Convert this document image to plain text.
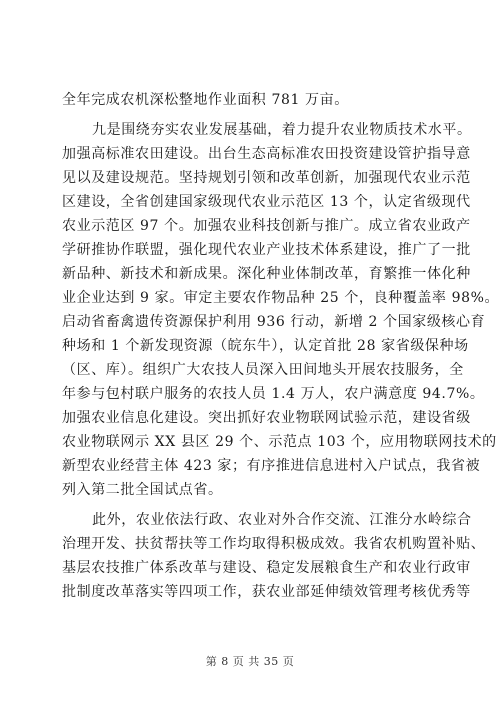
全年完成农机深松整地作业面积 781 万亩。
九是围绕夯实农业发展基础，着力提升农业物质技术水平。
加强高标准农田建设。出台生态高标准农田投资建设管护指导意
见以及建设规范。坚持规划引领和改革创新，加强现代农业示范
区建设，全省创建国家级现代农业示范区 13 个，认定省级现代
农业示范区 97 个。加强农业科技创新与推广。成立省农业政产
学研推协作联盟，强化现代农业产业技术体系建设，推广了一批
新品种、新技术和新成果。深化种业体制改革，育繁推一体化种
业企业达到 9 家。审定主要农作物品种 25 个，良种覆盖率 98%。
启动省畜禽遗传资源保护利用 936 行动，新增 2 个国家级核心育
种场和 1 个新发现资源（皖东牛），认定首批 28 家省级保种场
（区、库）。组织广大农技人员深入田间地头开展农技服务，全
年参与包村联户服务的农技人员 1.4 万人，农户满意度 94.7%。
加强农业信息化建设。突出抓好农业物联网试验示范，建设省级
农业物联网示 XX 县区 29 个、示范点 103 个，应用物联网技术的
新型农业经营主体 423 家；有序推进信息进村入户试点，我省被
列入第二批全国试点省。
此外，农业依法行政、农业对外合作交流、江淮分水岭综合
治理开发、扶贫帮扶等工作均取得积极成效。我省农机购置补贴、
基层农技推广体系改革与建设、稳定发展粮食生产和农业行政审
批制度改革落实等四项工作，获农业部延伸绩效管理考核优秀等
第 8 页 共 35 页
